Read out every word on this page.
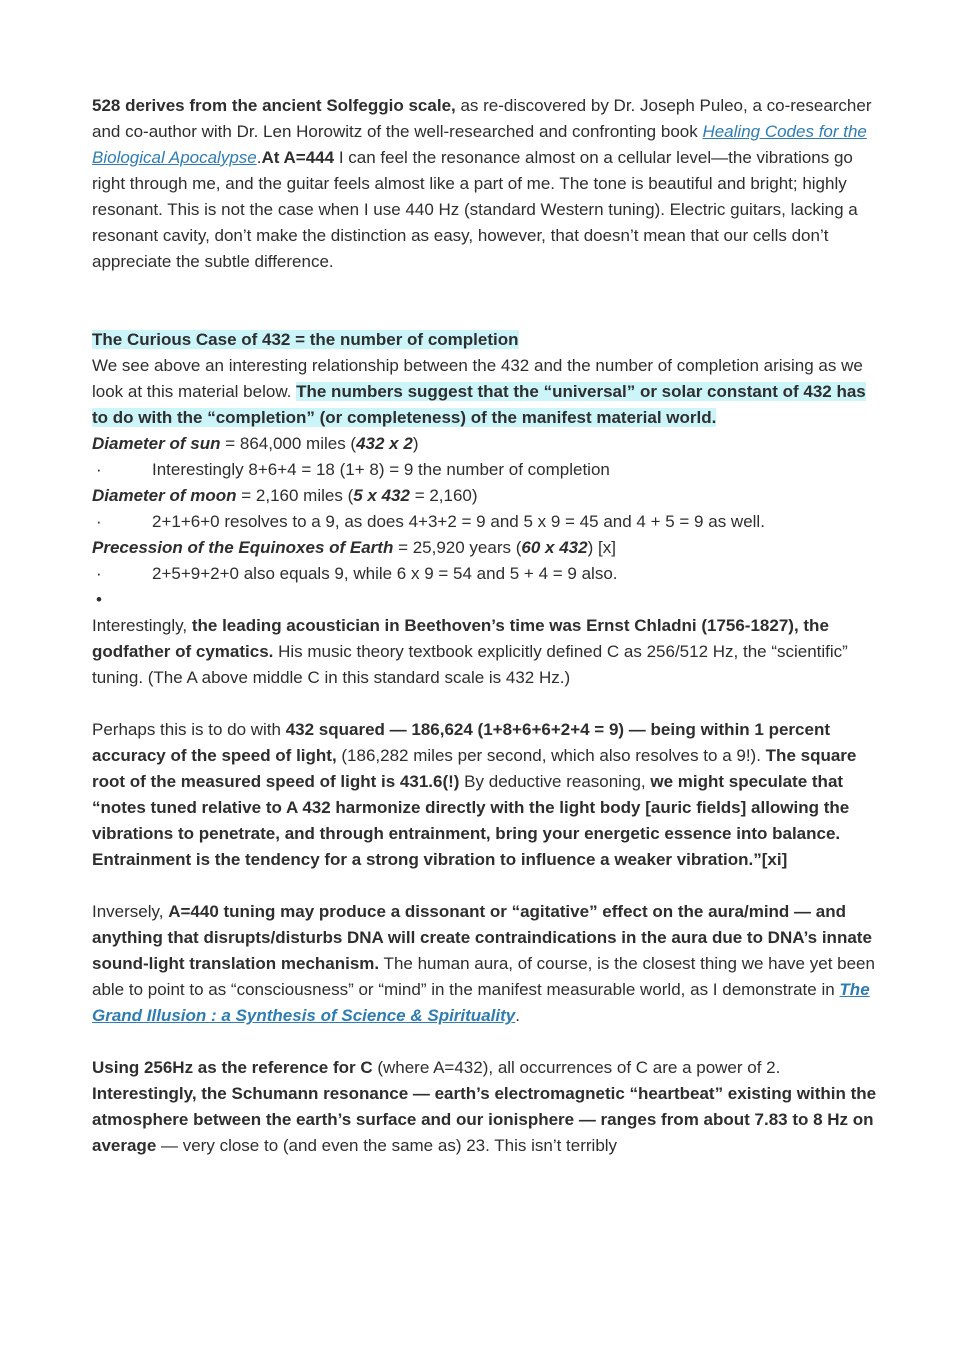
528 derives from the ancient Solfeggio scale, as re-discovered by Dr. Joseph Puleo, a co-researcher and co-author with Dr. Len Horowitz of the well-researched and confronting book Healing Codes for the Biological Apocalypse.At A=444 I can feel the resonance almost on a cellular level—the vibrations go right through me, and the guitar feels almost like a part of me. The tone is beautiful and bright; highly resonant. This is not the case when I use 440 Hz (standard Western tuning). Electric guitars, lacking a resonant cavity, don’t make the distinction as easy, however, that doesn’t mean that our cells don’t appreciate the subtle difference.
The Curious Case of 432 = the number of completion
We see above an interesting relationship between the 432 and the number of completion arising as we look at this material below. The numbers suggest that the “universal” or solar constant of 432 has to do with the “completion” (or completeness) of the manifest material world.
Diameter of sun = 864,000 miles (432 x 2)
·	Interestingly 8+6+4 = 18 (1+ 8) = 9 the number of completion
Diameter of moon = 2,160 miles (5 x 432 = 2,160)
·	2+1+6+0 resolves to a 9, as does 4+3+2 = 9 and 5 x 9 = 45 and 4 + 5 = 9 as well.
Precession of the Equinoxes of Earth = 25,920 years (60 x 432) [x]
·	2+5+9+2+0 also equals 9, while 6 x 9 = 54 and 5 + 4 = 9 also.
•
Interestingly, the leading acoustician in Beethoven’s time was Ernst Chladni (1756-1827), the godfather of cymatics. His music theory textbook explicitly defined C as 256/512 Hz, the “scientific” tuning. (The A above middle C in this standard scale is 432 Hz.)
Perhaps this is to do with 432 squared — 186,624 (1+8+6+6+2+4 = 9) — being within 1 percent accuracy of the speed of light, (186,282 miles per second, which also resolves to a 9!). The square root of the measured speed of light is 431.6(!) By deductive reasoning, we might speculate that “notes tuned relative to A 432 harmonize directly with the light body [auric fields] allowing the vibrations to penetrate, and through entrainment, bring your energetic essence into balance. Entrainment is the tendency for a strong vibration to influence a weaker vibration.”[xi]
Inversely, A=440 tuning may produce a dissonant or “agitative” effect on the aura/mind — and anything that disrupts/disturbs DNA will create contraindications in the aura due to DNA’s innate sound-light translation mechanism. The human aura, of course, is the closest thing we have yet been able to point to as “consciousness” or “mind” in the manifest measurable world, as I demonstrate in The Grand Illusion : a Synthesis of Science & Spirituality.
Using 256Hz as the reference for C (where A=432), all occurrences of C are a power of 2. Interestingly, the Schumann resonance — earth’s electromagnetic “heartbeat” existing within the atmosphere between the earth’s surface and our ionisphere — ranges from about 7.83 to 8 Hz on average — very close to (and even the same as) 23. This isn’t terribly
